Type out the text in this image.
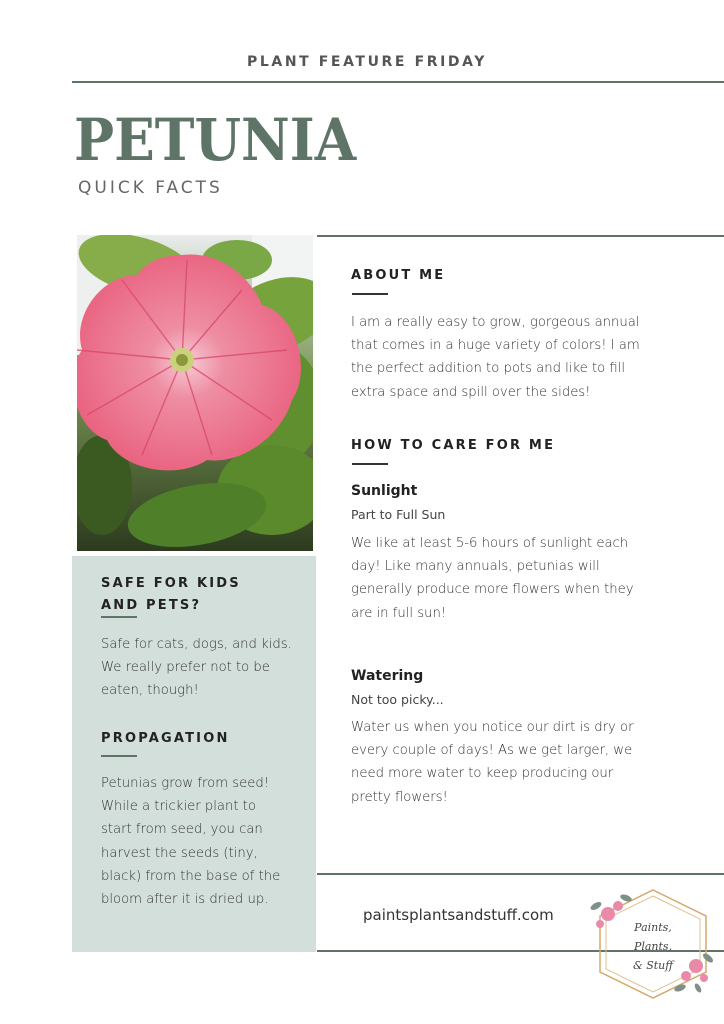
PLANT FEATURE FRIDAY
PETUNIA
QUICK FACTS
ABOUT ME
I am a really easy to grow, gorgeous annual
that comes in a huge variety of colors! I am
the perfect addition to pots and like to fill
extra space and spill over the sides!
HOW TO CARE FOR ME
Sunlight
Part to Full Sun
We like at least 5-6 hours of sunlight each
day! Like many annuals, petunias will
generally produce more flowers when they
are in full sun!
Watering
Not too picky...
Water us when you notice our dirt is dry or
every couple of days! As we get larger, we
need more water to keep producing our
pretty flowers!
SAFE FOR KIDS
AND PETS?
Safe for cats, dogs, and kids.
We really prefer not to be
eaten, though!
PROPAGATION
Petunias grow from seed!
While a trickier plant to
start from seed, you can
harvest the seeds (tiny,
black) from the base of the
bloom after it is dried up.
paintsplantsandstuff.com
Paints,
Plants,
& Stuff
